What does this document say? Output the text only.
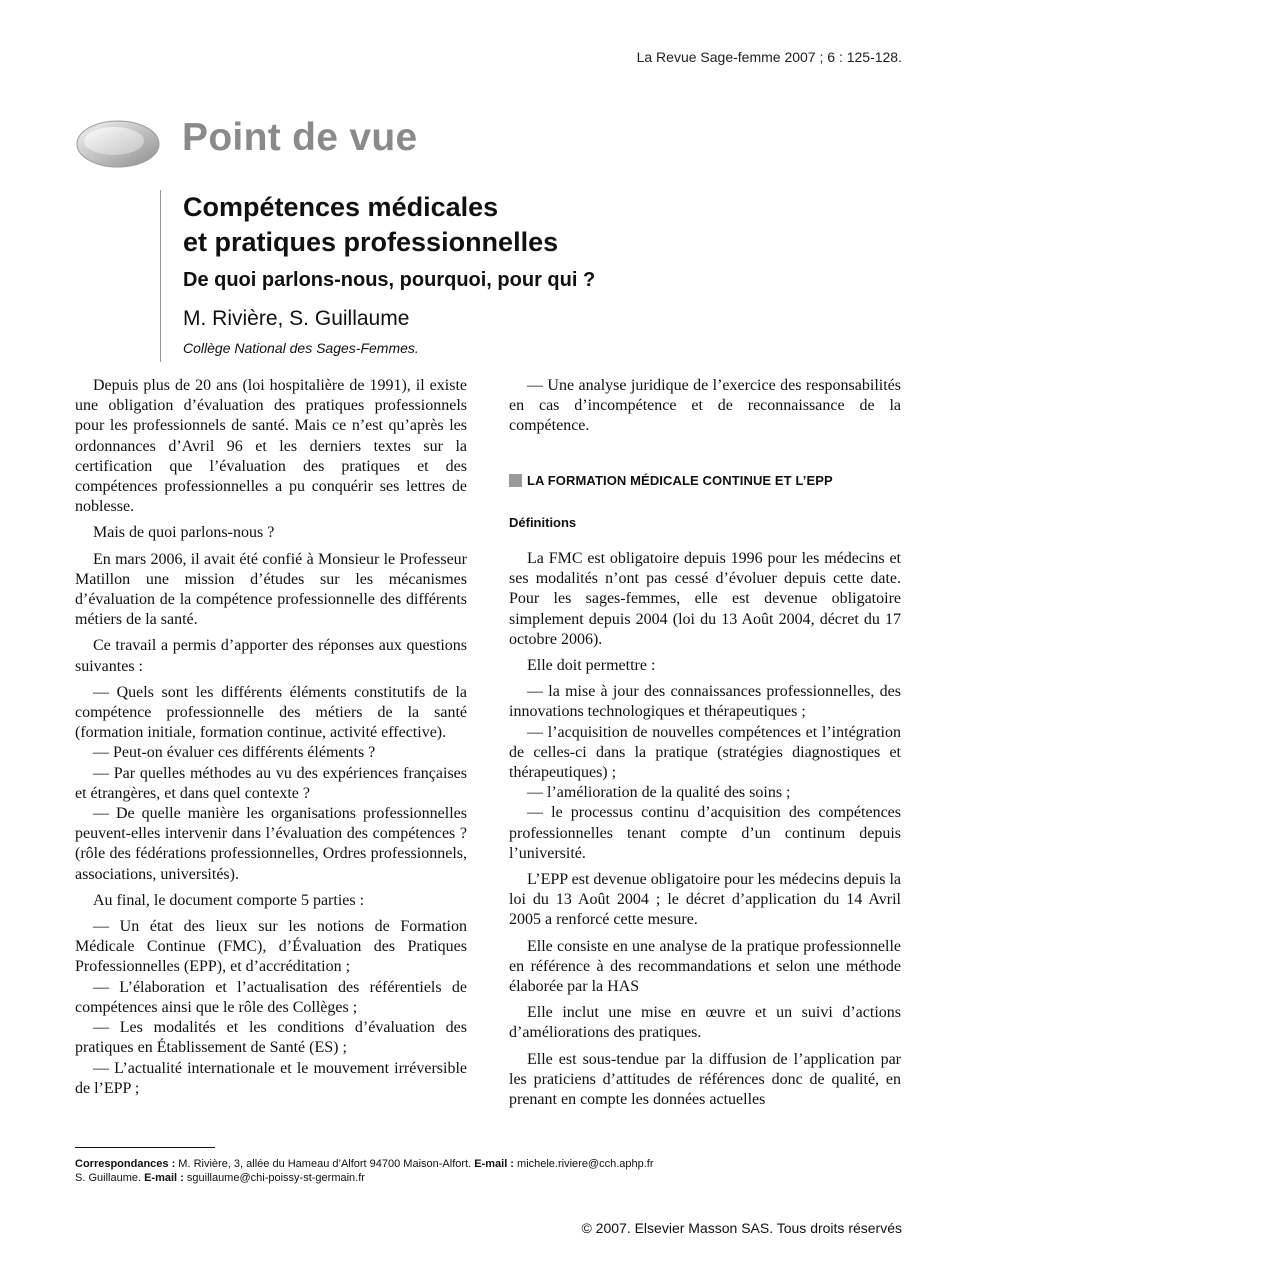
La Revue Sage-femme 2007 ; 6 : 125-128.
Point de vue
Compétences médicales
et pratiques professionnelles
De quoi parlons-nous, pourquoi, pour qui ?
M. Rivière, S. Guillaume
Collège National des Sages-Femmes.

Depuis plus de 20 ans (loi hospitalière de 1991), il existe une obligation d’évaluation des pratiques professionnels pour les professionnels de santé. Mais ce n’est qu’après les ordonnances d’Avril 96 et les derniers textes sur la certification que l’évaluation des pratiques et des compétences professionnelles a pu conquérir ses lettres de noblesse.

Mais de quoi parlons-nous ?

En mars 2006, il avait été confié à Monsieur le Professeur Matillon une mission d’études sur les mécanismes d’évaluation de la compétence professionnelle des différents métiers de la santé.

Ce travail a permis d’apporter des réponses aux questions suivantes :

— Quels sont les différents éléments constitutifs de la compétence professionnelle des métiers de la santé (formation initiale, formation continue, activité effective).

— Peut-on évaluer ces différents éléments ?

— Par quelles méthodes au vu des expériences françaises et étrangères, et dans quel contexte ?

— De quelle manière les organisations professionnelles peuvent-elles intervenir dans l’évaluation des compétences ? (rôle des fédérations professionnelles, Ordres professionnels, associations, universités).

Au final, le document comporte 5 parties :

— Un état des lieux sur les notions de Formation Médicale Continue (FMC), d’Évaluation des Pratiques Professionnelles (EPP), et d’accréditation ;

— L’élaboration et l’actualisation des référentiels de compétences ainsi que le rôle des Collèges ;

— Les modalités et les conditions d’évaluation des pratiques en Établissement de Santé (ES) ;

— L’actualité internationale et le mouvement irréversible de l’EPP ;

— Une analyse juridique de l’exercice des responsabilités en cas d’incompétence et de reconnaissance de la compétence.

LA FORMATION MÉDICALE CONTINUE ET L’EPP
Définitions

La FMC est obligatoire depuis 1996 pour les médecins et ses modalités n’ont pas cessé d’évoluer depuis cette date. Pour les sages-femmes, elle est devenue obligatoire simplement depuis 2004 (loi du 13 Août 2004, décret du 17 octobre 2006).

Elle doit permettre :

— la mise à jour des connaissances professionnelles, des innovations technologiques et thérapeutiques ;

— l’acquisition de nouvelles compétences et l’intégration de celles-ci dans la pratique (stratégies diagnostiques et thérapeutiques) ;

— l’amélioration de la qualité des soins ;

— le processus continu d’acquisition des compétences professionnelles tenant compte d’un continum depuis l’université.

L’EPP est devenue obligatoire pour les médecins depuis la loi du 13 Août 2004 ; le décret d’application du 14 Avril 2005 a renforcé cette mesure.

Elle consiste en une analyse de la pratique professionnelle en référence à des recommandations et selon une méthode élaborée par la HAS

Elle inclut une mise en œuvre et un suivi d’actions d’améliorations des pratiques.

Elle est sous-tendue par la diffusion de l’application par les praticiens d’attitudes de références donc de qualité, en prenant en compte les données actuelles

Correspondances : M. Rivière, 3, allée du Hameau d’Alfort 94700 Maison-Alfort. E-mail : michele.riviere@cch.aphp.fr
S. Guillaume. E-mail : sguillaume@chi-poissy-st-germain.fr
© 2007. Elsevier Masson SAS. Tous droits réservés
